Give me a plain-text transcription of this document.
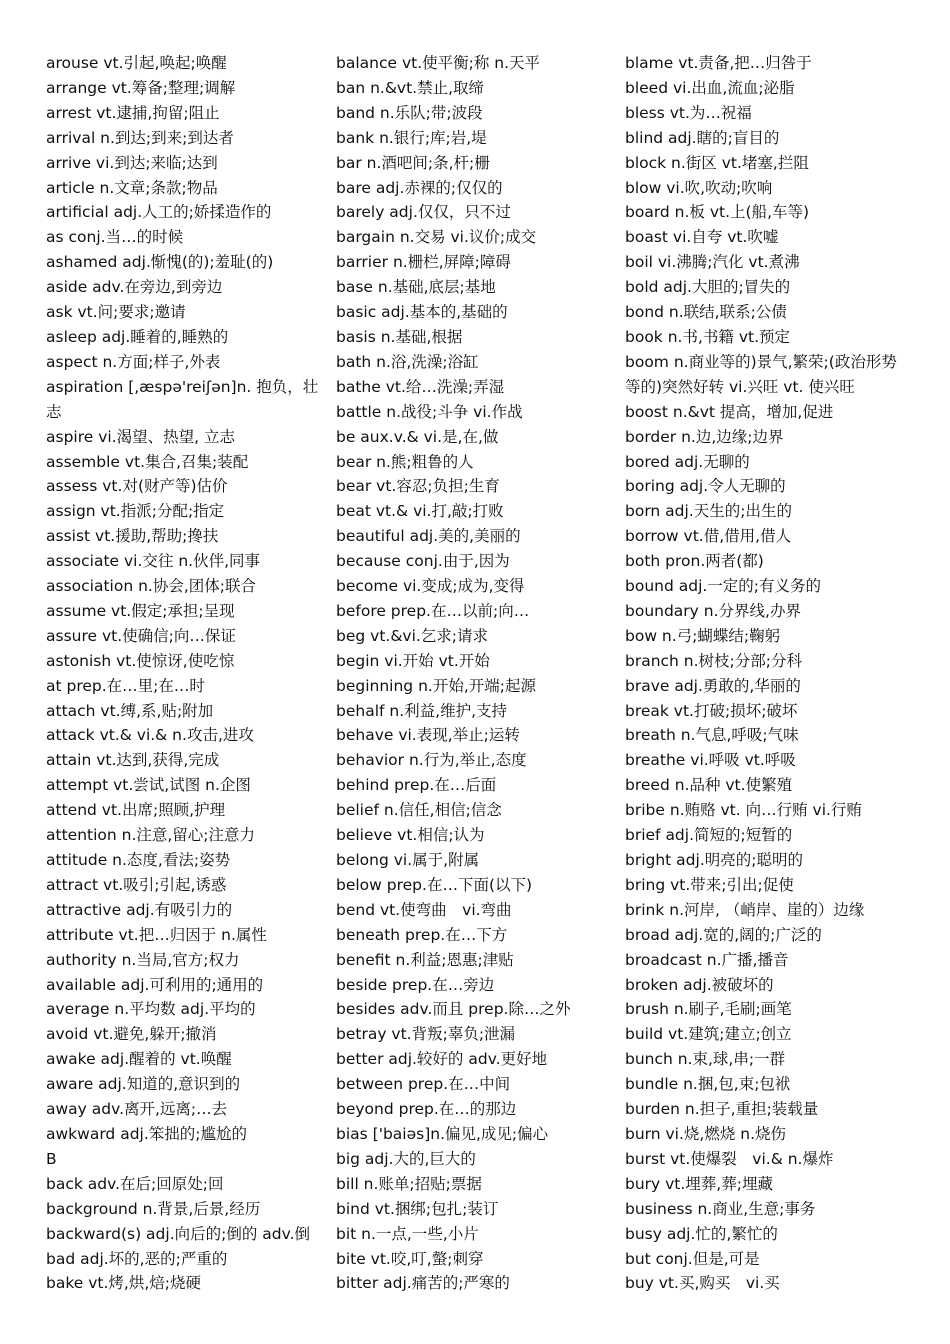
arouse vt.引起,唤起;唤醒
arrange vt.筹备;整理;调解
arrest vt.逮捕,拘留;阻止
arrival n.到达;到来;到达者
arrive vi.到达;来临;达到
article n.文章;条款;物品
artificial adj.人工的;娇揉造作的
as conj.当…的时候
ashamed adj.惭愧(的);羞耻(的)
aside adv.在旁边,到旁边
ask vt.问;要求;邀请
asleep adj.睡着的,睡熟的
aspect n.方面;样子,外表
aspiration [,æspə'reiʃən]n. 抱负，壮志
aspire vi.渴望、热望, 立志
assemble vt.集合,召集;装配
assess vt.对(财产等)估价
assign vt.指派;分配;指定
assist vt.援助,帮助;搀扶
associate vi.交往 n.伙伴,同事
association n.协会,团体;联合
assume vt.假定;承担;呈现
assure vt.使确信;向…保证
astonish vt.使惊讶,使吃惊
at prep.在…里;在…时
attach vt.缚,系,贴;附加
attack vt.& vi.& n.攻击,进攻
attain vt.达到,获得,完成
attempt vt.尝试,试图 n.企图
attend vt.出席;照顾,护理
attention n.注意,留心;注意力
attitude n.态度,看法;姿势
attract vt.吸引;引起,诱惑
attractive adj.有吸引力的
attribute vt.把…归因于 n.属性
authority n.当局,官方;权力
available adj.可利用的;通用的
average n.平均数 adj.平均的
avoid vt.避免,躲开;撤消
awake adj.醒着的 vt.唤醒
aware adj.知道的,意识到的
away adv.离开,远离;…去
awkward adj.笨拙的;尴尬的
B
back adv.在后;回原处;回
background n.背景,后景,经历
backward(s) adj.向后的;倒的 adv.倒
bad adj.坏的,恶的;严重的
bake vt.烤,烘,焙;烧硬
balance vt.使平衡;称 n.天平
ban n.&vt.禁止,取缔
band n.乐队;带;波段
bank n.银行;库;岩,堤
bar n.酒吧间;条,杆;栅
bare adj.赤裸的;仅仅的
barely adj.仅仅，只不过
bargain n.交易 vi.议价;成交
barrier n.栅栏,屏障;障碍
base n.基础,底层;基地
basic adj.基本的,基础的
basis n.基础,根据
bath n.浴,洗澡;浴缸
bathe vt.给…洗澡;弄湿
battle n.战役;斗争 vi.作战
be aux.v.& vi.是,在,做
bear n.熊;粗鲁的人
bear vt.容忍;负担;生育
beat vt.& vi.打,敲;打败
beautiful adj.美的,美丽的
because conj.由于,因为
become vi.变成;成为,变得
before prep.在…以前;向…
beg vt.&vi.乞求;请求
begin vi.开始 vt.开始
beginning n.开始,开端;起源
behalf n.利益,维护,支持
behave vi.表现,举止;运转
behavior n.行为,举止,态度
behind prep.在…后面
belief n.信任,相信;信念
believe vt.相信;认为
belong vi.属于,附属
below prep.在…下面(以下)
bend vt.使弯曲　vi.弯曲
beneath prep.在…下方
benefit n.利益;恩惠;津贴
beside prep.在…旁边
besides adv.而且 prep.除…之外
betray vt.背叛;辜负;泄漏
better adj.较好的 adv.更好地
between prep.在…中间
beyond prep.在…的那边
bias ['baiəs]n.偏见,成见;偏心
big adj.大的,巨大的
bill n.账单;招贴;票据
bind vt.捆绑;包扎;装订
bit n.一点,一些,小片
bite vt.咬,叮,螫;刺穿
bitter adj.痛苦的;严寒的
blame vt.责备,把…归咎于
bleed vi.出血,流血;泌脂
bless vt.为…祝福
blind adj.瞎的;盲目的
block n.街区 vt.堵塞,拦阻
blow vi.吹,吹动;吹响
board n.板 vt.上(船,车等)
boast vi.自夸 vt.吹嘘
boil vi.沸腾;汽化 vt.煮沸
bold adj.大胆的;冒失的
bond n.联结,联系;公债
book n.书,书籍 vt.预定
boom n.商业等的)景气,繁荣;(政治形势等的)突然好转 vi.兴旺 vt. 使兴旺
boost n.&vt 提高，增加,促进
border n.边,边缘;边界
bored adj.无聊的
boring adj.令人无聊的
born adj.天生的;出生的
borrow vt.借,借用,借人
both pron.两者(都)
bound adj.一定的;有义务的
boundary n.分界线,办界
bow n.弓;蝴蝶结;鞠躬
branch n.树枝;分部;分科
brave adj.勇敢的,华丽的
break vt.打破;损坏;破坏
breath n.气息,呼吸;气味
breathe vi.呼吸 vt.呼吸
breed n.品种 vt.使繁殖
bribe n.贿赂 vt. 向…行贿 vi.行贿
brief adj.简短的;短暂的
bright adj.明亮的;聪明的
bring vt.带来;引出;促使
brink n.河岸, （峭岸、崖的）边缘
broad adj.宽的,阔的;广泛的
broadcast n.广播,播音
broken adj.被破坏的
brush n.刷子,毛刷;画笔
build vt.建筑;建立;创立
bunch n.束,球,串;一群
bundle n.捆,包,束;包袱
burden n.担子,重担;装载量
burn vi.烧,燃烧 n.烧伤
burst vt.使爆裂　vi.& n.爆炸
bury vt.埋葬,葬;埋藏
business n.商业,生意;事务
busy adj.忙的,繁忙的
but conj.但是,可是
buy vt.买,购买　vi.买
